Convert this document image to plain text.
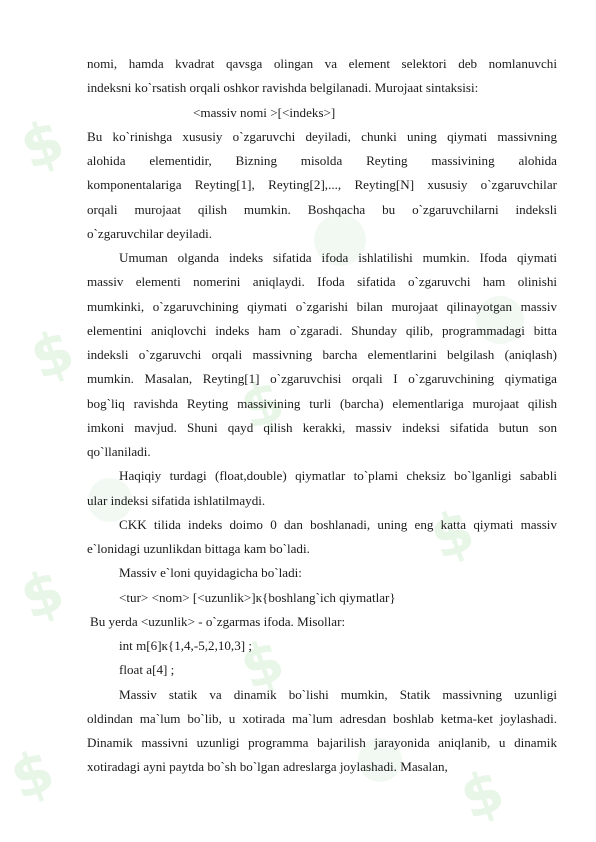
$
$
$
$
$
$
$	$
nomi, hamda kvadrat qavsga olingan va element selektori deb nomlanuvchi
indeksni ko`rsatish orqali oshkor ravishda belgilanadi. Murojaat sintaksisi:
<massiv nomi >[<indeks>]
Bu ko`rinishga xususiy o`zgaruvchi deyiladi, chunki uning qiymati massivning
alohida elementidir, Bizning misolda Reyting massivining alohida
komponentalariga Reyting[1], Reyting[2],..., Reyting[N] xususiy o`zgaruvchilar
orqali murojaat qilish mumkin. Boshqacha bu o`zgaruvchilarni indeksli
o`zgaruvchilar deyiladi.
Umuman olganda indeks sifatida ifoda ishlatilishi mumkin. Ifoda qiymati
massiv elementi nomerini aniqlaydi. Ifoda sifatida o`zgaruvchi ham olinishi
mumkinki, o`zgaruvchining qiymati o`zgarishi bilan murojaat qilinayotgan massiv
elementini aniqlovchi indeks ham o`zgaradi. Shunday qilib, programmadagi bitta
indeksli o`zgaruvchi orqali massivning barcha elementlarini belgilash (aniqlash)
mumkin. Masalan, Reyting[1] o`zgaruvchisi orqali I o`zgaruvchining qiymatiga
bog`liq ravishda Reyting massivining turli (barcha) elementlariga murojaat qilish
imkoni mavjud. Shuni qayd qilish kerakki, massiv indeksi sifatida butun son
qo`llaniladi.
Haqiqiy turdagi (float,double) qiymatlar to`plami cheksiz bo`lganligi sababli
ular indeksi sifatida ishlatilmaydi.
CKK tilida indeks doimo 0 dan boshlanadi, uning eng katta qiymati massiv
e`lonidagi uzunlikdan bittaga kam bo`ladi.
Massiv e`loni quyidagicha bo`ladi:
<tur> <nom> [<uzunlik>]к{boshlang`ich qiymatlar}
Bu yerda <uzunlik> - o`zgarmas ifoda. Misollar:
int m[6]к{1,4,-5,2,10,3] ;
float a[4] ;
Massiv statik va dinamik bo`lishi mumkin, Statik massivning uzunligi
oldindan ma`lum bo`lib, u xotirada ma`lum adresdan boshlab ketma-ket joylashadi.
Dinamik massivni uzunligi programma bajarilish jarayonida aniqlanib, u dinamik
xotiradagi ayni paytda bo`sh bo`lgan adreslarga joylashadi. Masalan,
